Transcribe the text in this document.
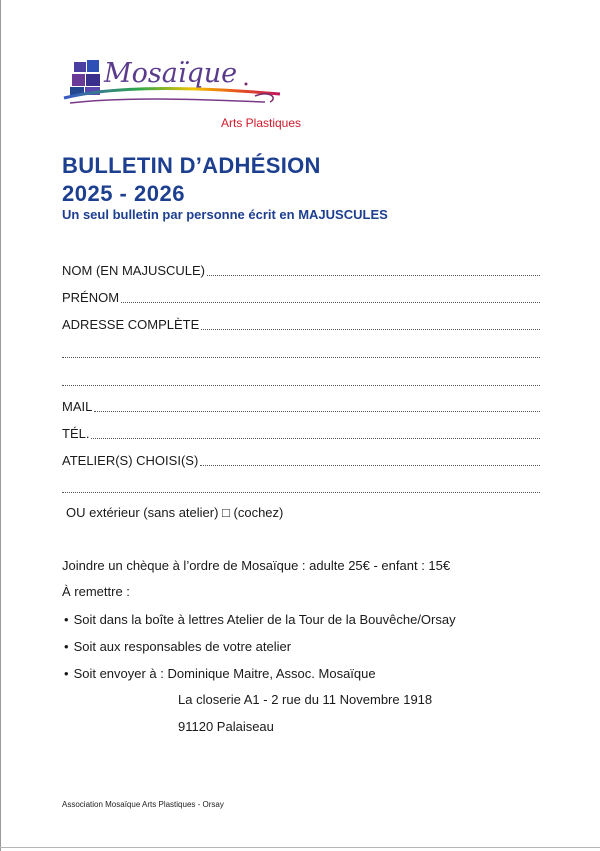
Mosaïque
Arts Plastiques
BULLETIN D’ADHÉSION
2025 - 2026
Un seul bulletin par personne écrit en MAJUSCULES
NOM (EN MAJUSCULE)
PRÉNOM
ADRESSE COMPLÈTE
MAIL
TÉL.
ATELIER(S) CHOISI(S)
OU extérieur (sans atelier) □ (cochez)
Joindre un chèque à l’ordre de Mosaïque : adulte 25€ - enfant : 15€
À remettre :
• Soit dans la boîte à lettres Atelier de la Tour de la Bouvêche/Orsay
• Soit aux responsables de votre atelier
• Soit envoyer à : Dominique Maitre, Assoc. Mosaïque
La closerie A1 - 2 rue du 11 Novembre 1918
91120 Palaiseau
Association Mosaïque Arts Plastiques - Orsay
